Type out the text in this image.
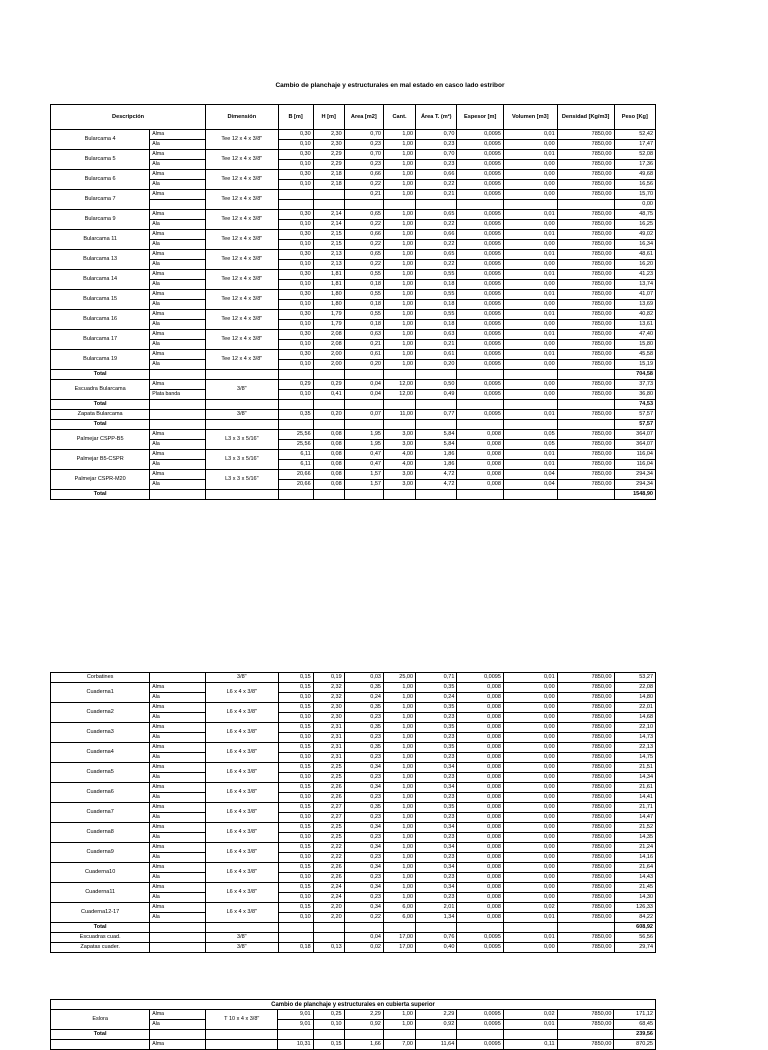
Cambio de planchaje y estructurales en mal estado en casco lado estribor
Descripción		Dimensión	B [m]	H [m]	Area [m2]	Cant.	Área T. (m²)	Espesor [m]	Volumen [m3]	Densidad [Kg/m3]	Peso [Kg]
Bularcama 4	Alma	Tee 12 x 4 x 3/8"	0,30	2,30	0,70	1,00	0,70	0,0095	0,01	7850,00	52,42
	Ala		0,10	2,30	0,23	1,00	0,23	0,0095	0,00	7850,00	17,47
Bularcama 5	Alma	Tee 12 x 4 x 3/8"	0,30	2,29	0,70	1,00	0,70	0,0095	0,01	7850,00	52,08
	Ala		0,10	2,29	0,23	1,00	0,23	0,0095	0,00	7850,00	17,36
Bularcama 6	Alma	Tee 12 x 4 x 3/8"	0,30	2,18	0,66	1,00	0,66	0,0095	0,00	7850,00	49,68
	Ala		0,10	2,18	0,22	1,00	0,22	0,0095	0,00	7850,00	16,56
Bularcama 7	Alma	Tee 12 x 4 x 3/8"			0,21	1,00	0,21	0,0095	0,00	7850,00	15,70
											0,00
Bularcama 9	Alma	Tee 12 x 4 x 3/8"	0,30	2,14	0,65	1,00	0,65	0,0095	0,01	7850,00	48,75
	Ala		0,10	2,14	0,22	1,00	0,22	0,0095	0,00	7850,00	16,25
Bularcama 11	Alma	Tee 12 x 4 x 3/8"	0,30	2,15	0,66	1,00	0,66	0,0095	0,01	7850,00	49,02
	Ala		0,10	2,15	0,22	1,00	0,22	0,0095	0,00	7850,00	16,34
Bularcama 13	Alma	Tee 12 x 4 x 3/8"	0,30	2,13	0,65	1,00	0,65	0,0095	0,01	7850,00	48,61
	Ala		0,10	2,13	0,22	1,00	0,22	0,0095	0,00	7850,00	16,20
Bularcama 14	Alma	Tee 12 x 4 x 3/8"	0,30	1,81	0,55	1,00	0,55	0,0095	0,01	7850,00	41,23
	Ala		0,10	1,81	0,18	1,00	0,18	0,0095	0,00	7850,00	13,74
Bularcama 15	Alma	Tee 12 x 4 x 3/8"	0,30	1,80	0,55	1,00	0,55	0,0095	0,01	7850,00	41,07
	Ala		0,10	1,80	0,18	1,00	0,18	0,0095	0,00	7850,00	13,69
Bularcama 16	Alma	Tee 12 x 4 x 3/8"	0,30	1,79	0,55	1,00	0,55	0,0095	0,01	7850,00	40,82
	Ala		0,10	1,79	0,18	1,00	0,18	0,0095	0,00	7850,00	13,61
Bularcama 17	Alma	Tee 12 x 4 x 3/8"	0,30	2,08	0,63	1,00	0,63	0,0095	0,01	7850,00	47,40
	Ala		0,10	2,08	0,21	1,00	0,21	0,0095	0,00	7850,00	15,80
Bularcama 19	Alma	Tee 12 x 4 x 3/8"	0,30	2,00	0,61	1,00	0,61	0,0095	0,01	7850,00	45,58
	Ala		0,10	2,00	0,20	1,00	0,20	0,0095	0,00	7850,00	15,19
Total											704,58
Escuadra Bularcama	Alma	3/8"	0,29	0,29	0,04	12,00	0,50	0,0095	0,00	7850,00	37,73
	Plata banda		0,10	0,41	0,04	12,00	0,49	0,0095	0,00	7850,00	36,80
Total											74,53
Zapata Bularcama		3/8"	0,35	0,20	0,07	11,00	0,77	0,0095	0,01	7850,00	57,57
Total											57,57
Palmejar CSPP-B5	Alma	L3 x 3 x 5/16"	25,56	0,08	1,95	3,00	5,84	0,008	0,05	7850,00	364,07
	Ala		25,56	0,08	1,95	3,00	5,84	0,008	0,05	7850,00	364,07
Palmejar B5-CSPR	Alma	L3 x 3 x 5/16"	6,11	0,08	0,47	4,00	1,86	0,008	0,01	7850,00	116,04
	Ala		6,11	0,08	0,47	4,00	1,86	0,008	0,01	7850,00	116,04
Palmejar CSPR-M20	Alma	L3 x 3 x 5/16"	20,66	0,08	1,57	3,00	4,72	0,008	0,04	7850,00	294,34
	Ala		20,66	0,08	1,57	3,00	4,72	0,008	0,04	7850,00	294,34
Total											1548,90
Corbatines		3/8"	0,15	0,19	0,03	25,00	0,71	0,0095	0,01	7850,00	53,27
Cuaderna1	Alma	L6 x 4 x 3/8"	0,15	2,32	0,35	1,00	0,35	0,008	0,00	7850,00	22,08
	Ala		0,10	2,32	0,24	1,00	0,24	0,008	0,00	7850,00	14,80
Cuaderna2	Alma	L6 x 4 x 3/8"	0,15	2,30	0,35	1,00	0,35	0,008	0,00	7850,00	22,01
	Ala		0,10	2,30	0,23	1,00	0,23	0,008	0,00	7850,00	14,68
Cuaderna3	Alma	L6 x 4 x 3/8"	0,15	2,31	0,35	1,00	0,35	0,008	0,00	7850,00	22,10
	Ala		0,10	2,31	0,23	1,00	0,23	0,008	0,00	7850,00	14,73
Cuaderna4	Alma	L6 x 4 x 3/8"	0,15	2,31	0,35	1,00	0,35	0,008	0,00	7850,00	22,13
	Ala		0,10	2,31	0,23	1,00	0,23	0,008	0,00	7850,00	14,75
Cuaderna5	Alma	L6 x 4 x 3/8"	0,15	2,25	0,34	1,00	0,34	0,008	0,00	7850,00	21,51
	Ala		0,10	2,25	0,23	1,00	0,23	0,008	0,00	7850,00	14,34
Cuaderna6	Alma	L6 x 4 x 3/8"	0,15	2,26	0,34	1,00	0,34	0,008	0,00	7850,00	21,61
	Ala		0,10	2,26	0,23	1,00	0,23	0,008	0,00	7850,00	14,41
Cuaderna7	Alma	L6 x 4 x 3/8"	0,15	2,27	0,35	1,00	0,35	0,008	0,00	7850,00	21,71
	Ala		0,10	2,27	0,23	1,00	0,23	0,008	0,00	7850,00	14,47
Cuaderna8	Alma	L6 x 4 x 3/8"	0,15	2,25	0,34	1,00	0,34	0,008	0,00	7850,00	21,52
	Ala		0,10	2,25	0,23	1,00	0,23	0,008	0,00	7850,00	14,35
Cuaderna9	Alma	L6 x 4 x 3/8"	0,15	2,22	0,34	1,00	0,34	0,008	0,00	7850,00	21,24
	Ala		0,10	2,22	0,23	1,00	0,23	0,008	0,00	7850,00	14,16
Cuaderna10	Alma	L6 x 4 x 3/8"	0,15	2,26	0,34	1,00	0,34	0,008	0,00	7850,00	21,64
	Ala		0,10	2,26	0,23	1,00	0,23	0,008	0,00	7850,00	14,43
Cuaderna11	Alma	L6 x 4 x 3/8"	0,15	2,24	0,34	1,00	0,34	0,008	0,00	7850,00	21,45
	Ala		0,10	2,24	0,23	1,00	0,23	0,008	0,00	7850,00	14,30
Cuaderna12-17	Alma	L6 x 4 x 3/8"	0,15	2,20	0,34	6,00	2,01	0,008	0,02	7850,00	126,33
	Ala		0,10	2,20	0,22	6,00	1,34	0,008	0,01	7850,00	84,22
Total											608,92
Escuadras cuad.		3/8"			0,04	17,00	0,76	0,0095	0,01	7850,00	56,56
Zapatas cuader.		3/8"	0,18	0,13	0,02	17,00	0,40	0,0095	0,00	7850,00	29,74
Cambio de planchaje y estructurales en cubierta superior											
Eslora	Alma	T 10 x 4 x 3/8"	9,01	0,25	2,29	1,00	2,29	0,0095	0,02	7850,00	171,12
	Ala		9,01	0,10	0,92	1,00	0,92	0,0095	0,01	7850,00	68,45
Total											239,56
	Alma		10,31	0,15	1,66	7,00	11,64	0,0095	0,11	7850,00	870,25
